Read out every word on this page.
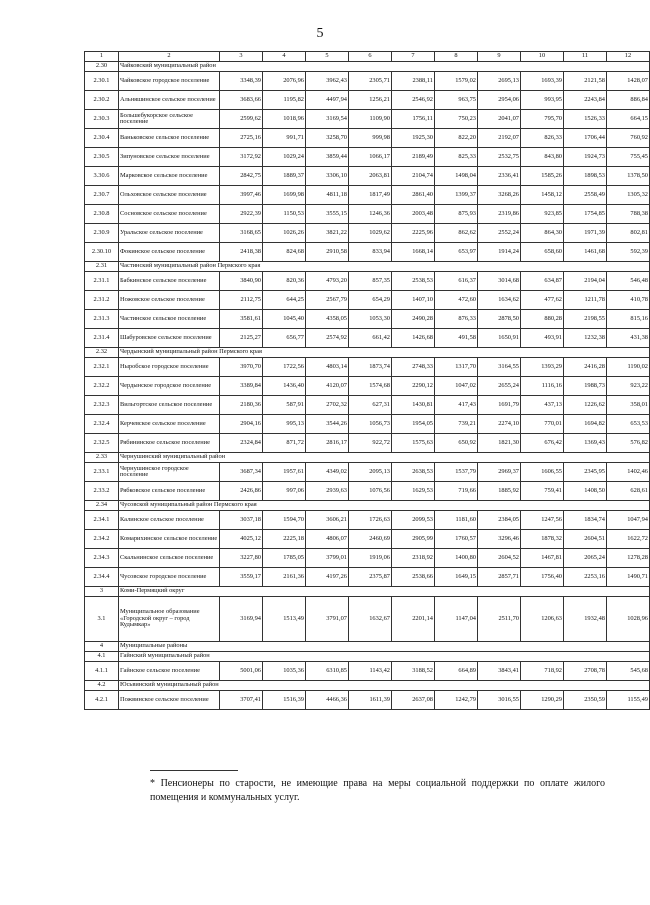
5
1	2	3	4	5	6	7	8	9	10	11	12
2.30	Чайковский муниципальный район										
2.30.1	Чайковское городское поселение	3348,39	2076,96	3962,43	2305,71	2388,11	1579,02	2695,13	1693,39	2121,58	1428,07
2.30.2	Альняшинское сельское поселение	3683,66	1195,82	4497,94	1256,21	2546,92	963,75	2954,06	993,95	2243,84	886,84
2.30.3	Большебукорское сельское поселение	2599,62	1018,96	3169,54	1109,90	1756,11	750,23	2041,07	795,70	1526,33	664,15
2.30.4	Ваньковское сельское поселение	2725,16	991,71	3258,70	999,98	1925,30	822,20	2192,07	826,33	1706,44	760,92
2.30.5	Зипуновское сельское поселение	3172,92	1029,24	3859,44	1066,17	2189,49	825,33	2532,75	843,80	1924,73	755,45
3.30.6	Марковское сельское поселение	2842,75	1889,37	3306,10	2063,81	2104,74	1498,04	2336,41	1585,26	1898,53	1378,50
2.30.7	Ольховское сельское поселение	3997,46	1699,98	4811,18	1817,49	2861,40	1399,37	3268,26	1458,12	2558,49	1305,32
2.30.8	Сосновское сельское поселение	2922,39	1150,53	3555,15	1246,36	2003,48	875,93	2319,86	923,85	1754,85	788,38
2.30.9	Уральское сельское поселение	3168,65	1026,26	3821,22	1029,62	2225,96	862,62	2552,24	864,30	1971,39	802,81
2.30.10	Фокинское сельское поселение	2418,38	824,68	2910,58	833,94	1668,14	653,97	1914,24	658,60	1461,68	592,39
2.31	Частинский муниципальный район Пермского края										
2.31.1	Бабкинское сельское поселение	3840,90	820,36	4793,20	857,35	2538,53	616,37	3014,68	634,87	2194,04	546,48
2.31.2	Ножовское сельское поселение	2112,75	644,25	2567,79	654,29	1407,10	472,60	1634,62	477,62	1211,78	410,78
2.31.3	Частинское сельское поселение	3581,61	1045,40	4358,05	1053,30	2490,28	876,33	2878,50	880,28	2198,55	815,16
2.31.4	Шабуровское сельское поселение	2125,27	656,77	2574,92	661,42	1426,68	491,58	1650,91	493,91	1232,38	431,38
2.32	Чердынский муниципальный район Пермского края										
2.32.1	Ныробское городское поселение	3970,70	1722,56	4803,14	1873,74	2748,33	1317,70	3164,55	1393,29	2416,28	1190,02
2.32.2	Чердынское городское поселение	3389,84	1436,40	4120,07	1574,68	2290,12	1047,02	2655,24	1116,16	1988,73	923,22
2.32.3	Вильгортское сельское поселение	2180,36	587,91	2702,32	627,31	1430,81	417,43	1691,79	437,13	1226,62	358,01
2.32.4	Керчевское сельское поселение	2904,16	995,13	3544,26	1056,73	1954,05	739,21	2274,10	770,01	1694,82	653,53
2.32.5	Рябининское сельское поселение	2324,84	871,72	2816,17	922,72	1575,63	650,92	1821,30	676,42	1369,43	576,82
2.33	Чернушинский муниципальный район										
2.33.1	Чернушинское городское поселение	3687,34	1957,61	4349,02	2095,13	2638,53	1537,79	2969,37	1606,55	2345,95	1402,46
2.33.2	Рябковское сельское поселение	2426,86	997,06	2939,63	1076,56	1629,53	719,66	1885,92	759,41	1408,50	628,61
2.34	Чусовской муниципальный район Пермского края										
2.34.1	Калинское сельское поселение	3037,18	1594,70	3606,21	1726,63	2099,53	1181,60	2384,05	1247,56	1834,74	1047,94
2.34.2	Комарихинское сельское поселение	4025,12	2225,18	4806,07	2460,69	2905,99	1760,57	3296,46	1878,32	2604,51	1622,72
2.34.3	Скальнинское сельское поселение	3227,80	1785,05	3799,01	1919,06	2318,92	1400,80	2604,52	1467,81	2065,24	1278,28
2.34.4	Чусовское городское поселение	3559,17	2161,36	4197,26	2375,87	2538,66	1649,15	2857,71	1756,40	2253,16	1490,71
3	Коми-Пермяцкий округ										
3.1	Муниципальное образование «Городской округ – город Кудымкар»	3169,94	1513,49	3791,07	1632,67	2201,14	1147,04	2511,70	1206,63	1932,48	1028,96
4	Муниципальные районы										
4.1	Гайнский муниципальный район										
4.1.1	Гайнское сельское поселение	5001,06	1035,36	6310,85	1143,42	3188,52	664,89	3843,41	718,92	2708,78	545,68
4.2	Юсьвинский муниципальный район										
4.2.1	Пожвинское сельское поселение	3707,41	1516,39	4466,36	1611,39	2637,08	1242,79	3016,55	1290,29	2350,59	1155,49
* Пенсионеры по старости, не имеющие права на меры социальной поддержки по оплате жилого помещения и коммунальных услуг.
